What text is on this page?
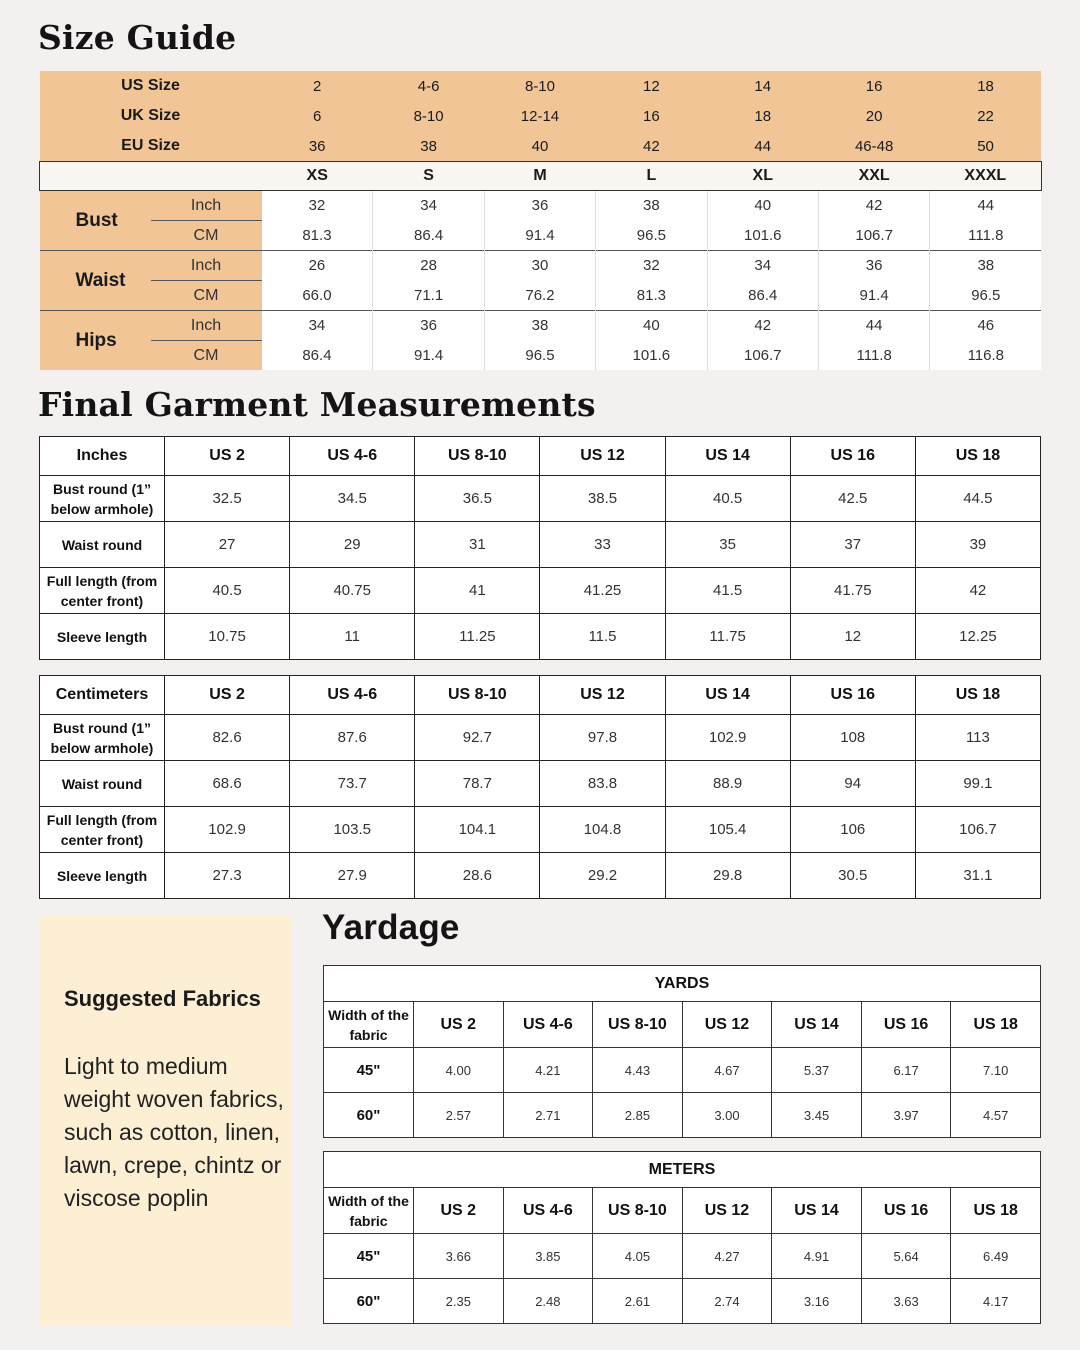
Size Guide
US Size		2	4-6	8-10	12	14	16	18
UK Size		6	8-10	12-14	16	18	20	22
EU Size		36	38	40	42	44	46-48	50
		XS	S	M	L	XL	XXL	XXXL
Bust	Inch	32	34	36	38	40	42	44
	CM	81.3	86.4	91.4	96.5	101.6	106.7	111.8
Waist	Inch	26	28	30	32	34	36	38
	CM	66.0	71.1	76.2	81.3	86.4	91.4	96.5
Hips	Inch	34	36	38	40	42	44	46
	CM	86.4	91.4	96.5	101.6	106.7	111.8	116.8
Final Garment Measurements
Inches	US 2	US 4-6	US 8-10	US 12	US 14	US 16	US 18
Bust round (1” below armhole)	32.5	34.5	36.5	38.5	40.5	42.5	44.5
Waist round	27	29	31	33	35	37	39
Full length (from center front)	40.5	40.75	41	41.25	41.5	41.75	42
Sleeve length	10.75	11	11.25	11.5	11.75	12	12.25
Centimeters	US 2	US 4-6	US 8-10	US 12	US 14	US 16	US 18
Bust round (1” below armhole)	82.6	87.6	92.7	97.8	102.9	108	113
Waist round	68.6	73.7	78.7	83.8	88.9	94	99.1
Full length (from center front)	102.9	103.5	104.1	104.8	105.4	106	106.7
Sleeve length	27.3	27.9	28.6	29.2	29.8	30.5	31.1

Suggested Fabrics

Light to medium weight woven fabrics, such as cotton, linen, lawn, crepe, chintz or viscose poplin

Yardage
YARDS							
Width of the fabric	US 2	US 4-6	US 8-10	US 12	US 14	US 16	US 18
45"	4.00	4.21	4.43	4.67	5.37	6.17	7.10
60"	2.57	2.71	2.85	3.00	3.45	3.97	4.57
METERS							
Width of the fabric	US 2	US 4-6	US 8-10	US 12	US 14	US 16	US 18
45"	3.66	3.85	4.05	4.27	4.91	5.64	6.49
60"	2.35	2.48	2.61	2.74	3.16	3.63	4.17
